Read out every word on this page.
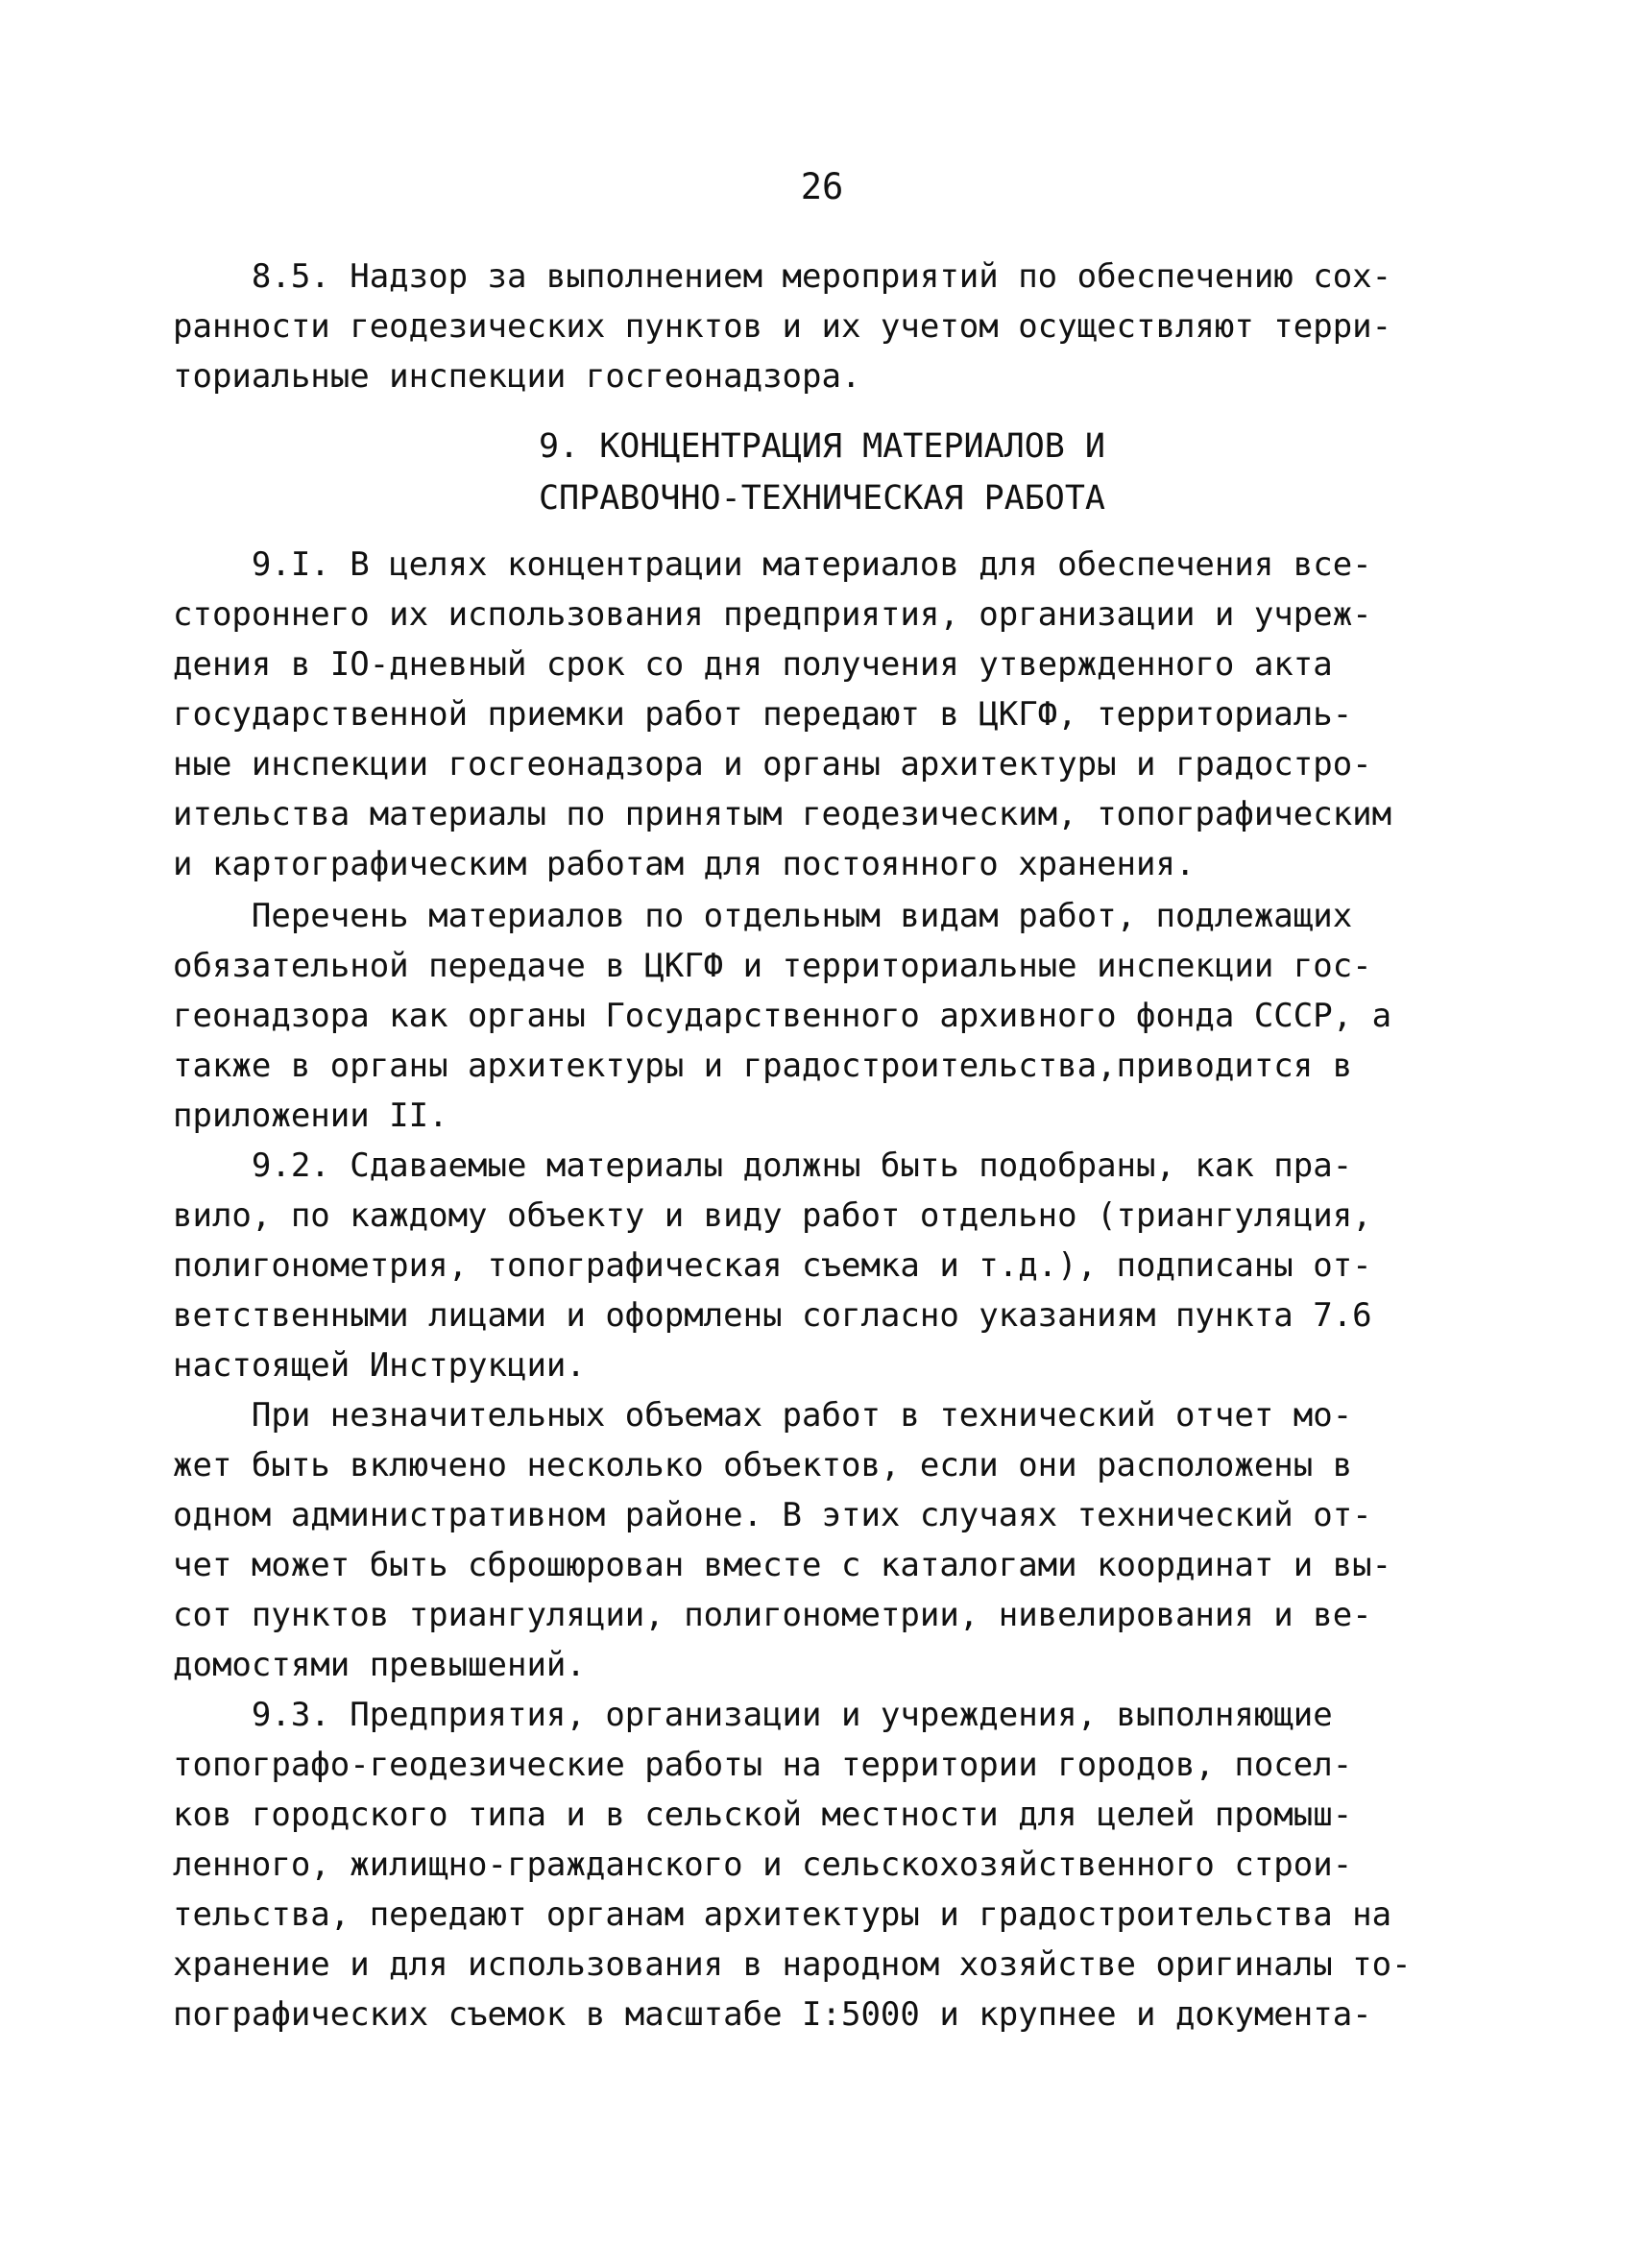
26
8.5. Надзор за выполнением мероприятий по обеспечению сох-
ранности геодезических пунктов и их учетом осуществляют терри-
ториальные инспекции госгеонадзора.
9. КОНЦЕНТРАЦИЯ МАТЕРИАЛОВ И
СПРАВОЧНО-ТЕХНИЧЕСКАЯ РАБОТА
9.I. В целях концентрации материалов для обеспечения все-
стороннего их использования предприятия, организации и учреж-
дения в IO-дневный срок со дня получения утвержденного акта
государственной приемки работ передают в ЦКГФ, территориаль-
ные инспекции госгеонадзора и органы архитектуры и градостро-
ительства материалы по принятым геодезическим, топографическим
и картографическим работам для постоянного хранения.
Перечень материалов по отдельным видам работ, подлежащих
обязательной передаче в ЦКГФ и территориальные инспекции гос-
геонадзора как органы Государственного архивного фонда СССР, а
также в органы архитектуры и градостроительства,приводится в
приложении II.
9.2. Сдаваемые материалы должны быть подобраны, как пра-
вило, по каждому объекту и виду работ отдельно (триангуляция,
полигонометрия, топографическая съемка и т.д.), подписаны от-
ветственными лицами и оформлены согласно указаниям пункта 7.6
настоящей Инструкции.
При незначительных объемах работ в технический отчет мо-
жет быть включено несколько объектов, если они расположены в
одном административном районе. В этих случаях технический от-
чет может быть сброшюрован вместе с каталогами координат и вы-
сот пунктов триангуляции, полигонометрии, нивелирования и ве-
домостями превышений.
9.3. Предприятия, организации и учреждения, выполняющие
топографо-геодезические работы на территории городов, посел-
ков городского типа и в сельской местности для целей промыш-
ленного, жилищно-гражданского и сельскохозяйственного строи-
тельства, передают органам архитектуры и градостроительства на
хранение и для использования в народном хозяйстве оригиналы то-
пографических съемок в масштабе I:5000 и крупнее и документа-
